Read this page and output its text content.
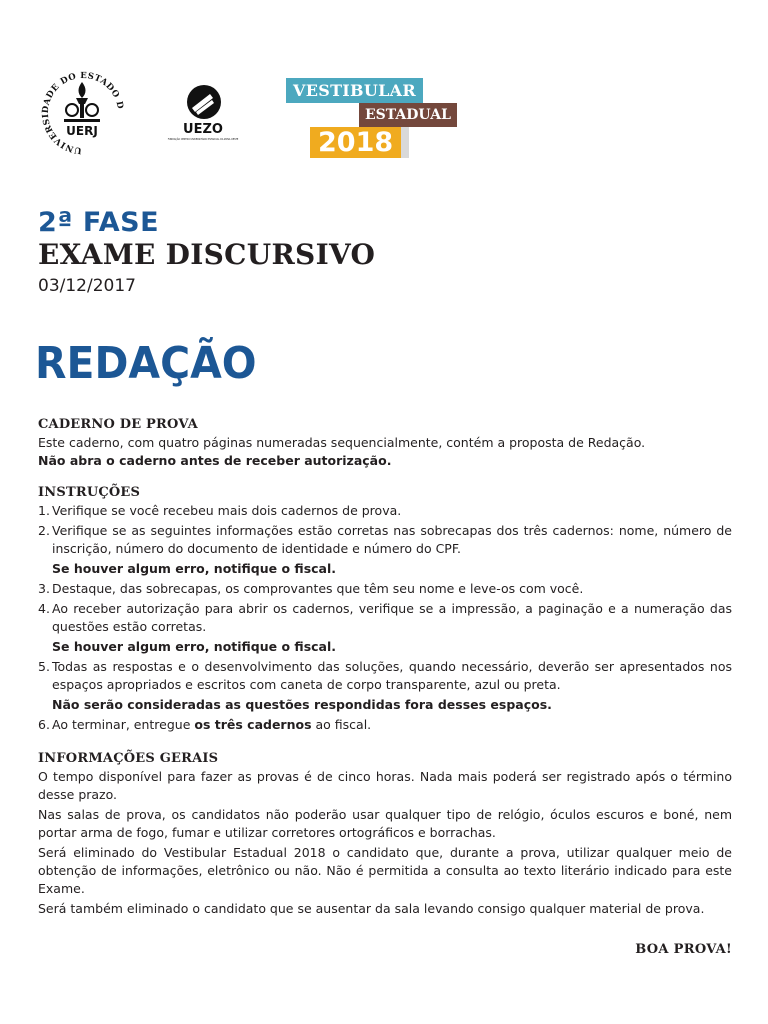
UNIVERSIDADE DO ESTADO D
UERJ	UEZO
FUNDAÇÃO CENTRO UNIVERSITÁRIO ESTADUAL DA ZONA OESTE
VESTIBULAR
ESTADUAL
2018
2ª FASE
EXAME DISCURSIVO
03/12/2017
REDAÇÃO
CADERNO DE PROVA

Este caderno, com quatro páginas numeradas sequencialmente, contém a proposta de Redação.

Não abra o caderno antes de receber autorização.

INSTRUÇÕES
1. Verifique se você recebeu mais dois cadernos de prova.
2. Verifique se as seguintes informações estão corretas nas sobrecapas dos três cadernos: nome, número de inscrição, número do documento de identidade e número do CPF.
Se houver algum erro, notifique o fiscal.
3. Destaque, das sobrecapas, os comprovantes que têm seu nome e leve-os com você.
4. Ao receber autorização para abrir os cadernos, verifique se a impressão, a paginação e a numeração das questões estão corretas.
Se houver algum erro, notifique o fiscal.
5. Todas as respostas e o desenvolvimento das soluções, quando necessário, deverão ser apresentados nos espaços apropriados e escritos com caneta de corpo transparente, azul ou preta.
Não serão consideradas as questões respondidas fora desses espaços.
6. Ao terminar, entregue os três cadernos ao fiscal.
INFORMAÇÕES GERAIS

O tempo disponível para fazer as provas é de cinco horas. Nada mais poderá ser registrado após o término desse prazo.

Nas salas de prova, os candidatos não poderão usar qualquer tipo de relógio, óculos escuros e boné, nem portar arma de fogo, fumar e utilizar corretores ortográficos e borrachas.

Será eliminado do Vestibular Estadual 2018 o candidato que, durante a prova, utilizar qualquer meio de obtenção de informações, eletrônico ou não. Não é permitida a consulta ao texto literário indicado para este Exame.

Será também eliminado o candidato que se ausentar da sala levando consigo qualquer material de prova.

BOA PROVA!
